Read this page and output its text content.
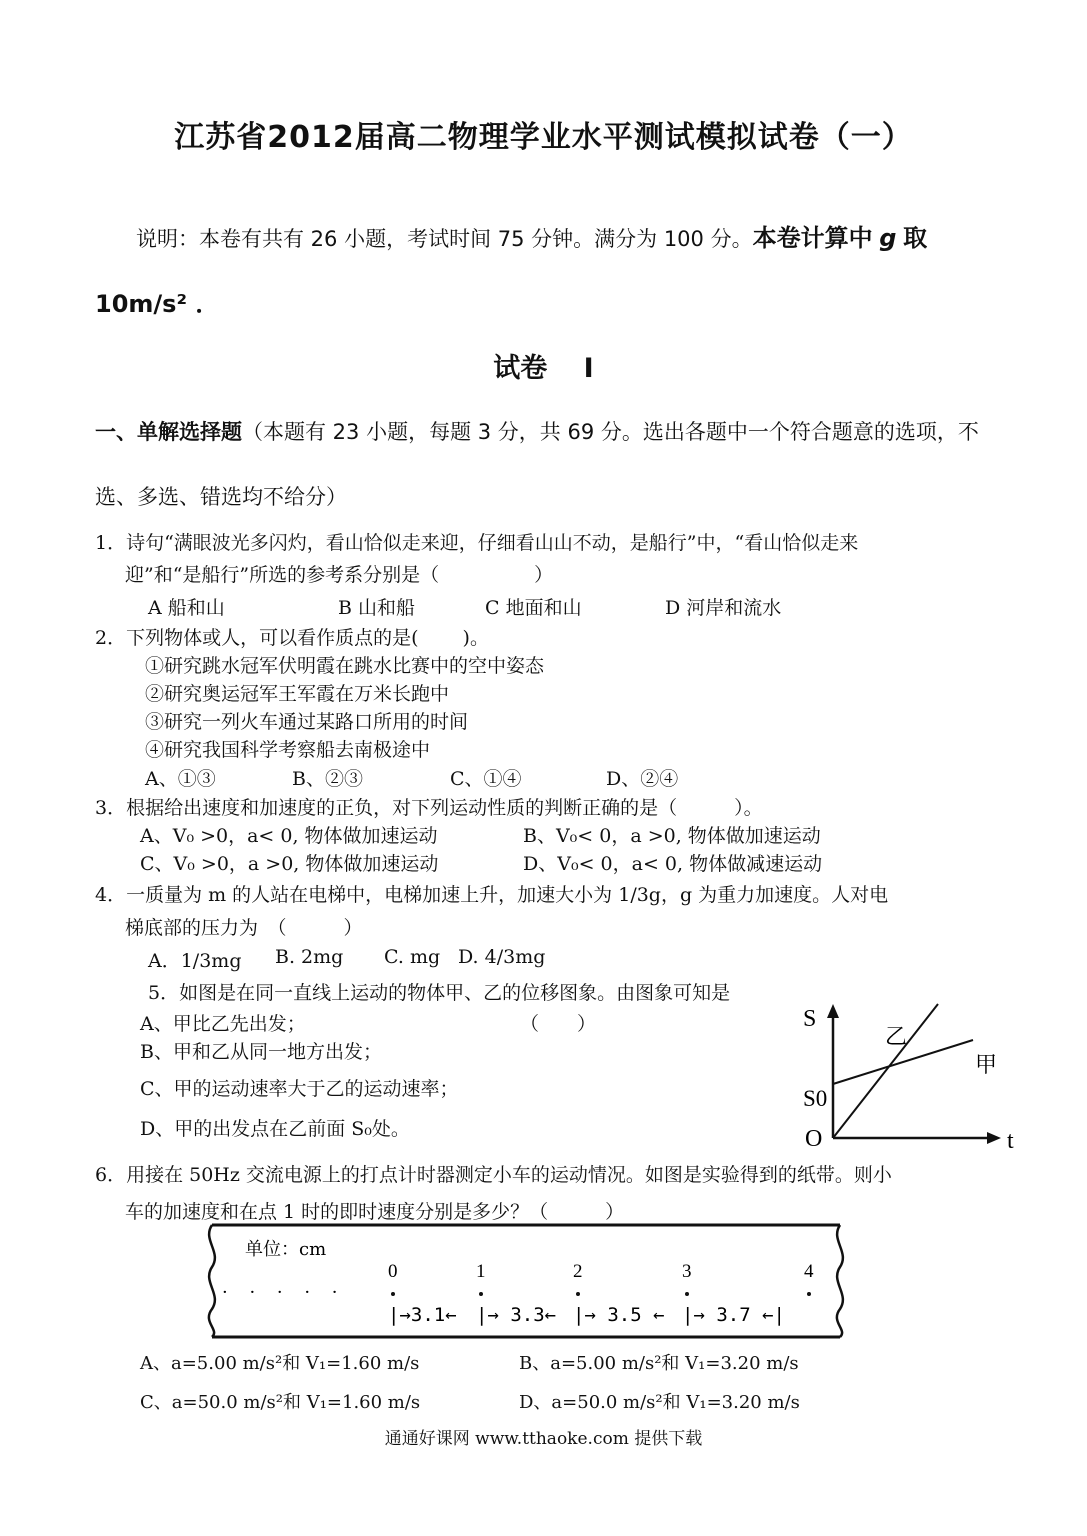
江苏省2012届高二物理学业水平测试模拟试卷（一）
说明：本卷有共有 26 小题，考试时间 75 分钟。满分为 100 分。本卷计算中 g 取
10m/s² ．
试卷　 I
一、单解选择题（本题有 23 小题，每题 3 分，共 69 分。选出各题中一个符合题意的选项，不
选、多选、错选均不给分）
1．诗句“满眼波光多闪灼，看山恰似走来迎，仔细看山山不动，是船行”中，“看山恰似走来
迎”和“是船行”所选的参考系分别是（　　　　　）
A 船和山	B 山和船	C 地面和山	D 河岸和流水
2．下列物体或人，可以看作质点的是(　　 )。
①研究跳水冠军伏明霞在跳水比赛中的空中姿态
②研究奥运冠军王军霞在万米长跑中
③研究一列火车通过某路口所用的时间
④研究我国科学考察船去南极途中
A、①③	B、②③	C、①④	D、②④
3．根据给出速度和加速度的正负，对下列运动性质的判断正确的是（　　　）。
A、V₀ >0，a< 0, 物体做加速运动	B、V₀< 0，a >0, 物体做加速运动
C、V₀ >0，a >0, 物体做加速运动	D、V₀< 0，a< 0, 物体做减速运动
4．一质量为 m 的人站在电梯中，电梯加速上升，加速大小为 1/3g，g 为重力加速度。人对电
梯底部的压力为　（　　　）
A．1/3mg B. 2mg C. mg D. 4/3mg
5．如图是在同一直线上运动的物体甲、乙的位移图象。由图象可知是
A、甲比乙先出发；	（　　）
B、甲和乙从同一地方出发；
C、甲的运动速率大于乙的运动速率；
D、甲的出发点在乙前面 S₀处。
S
t
O
S0
乙
甲
6．用接在 50Hz 交流电源上的打点计时器测定小车的运动情况。如图是实验得到的纸带。则小
车的加速度和在点 1 时的即时速度分别是多少？（　　　）
单位：cm
0	1	2	3	4
· · · · ·
|→3.1← |→ 3.3← |→ 3.5 ← |→ 3.7 ←|
A、a=5.00 m/s²和 V₁=1.60 m/s	B、a=5.00 m/s²和 V₁=3.20 m/s
C、a=50.0 m/s²和 V₁=1.60 m/s	D、a=50.0 m/s²和 V₁=3.20 m/s
通通好课网 www.tthaoke.com 提供下载
